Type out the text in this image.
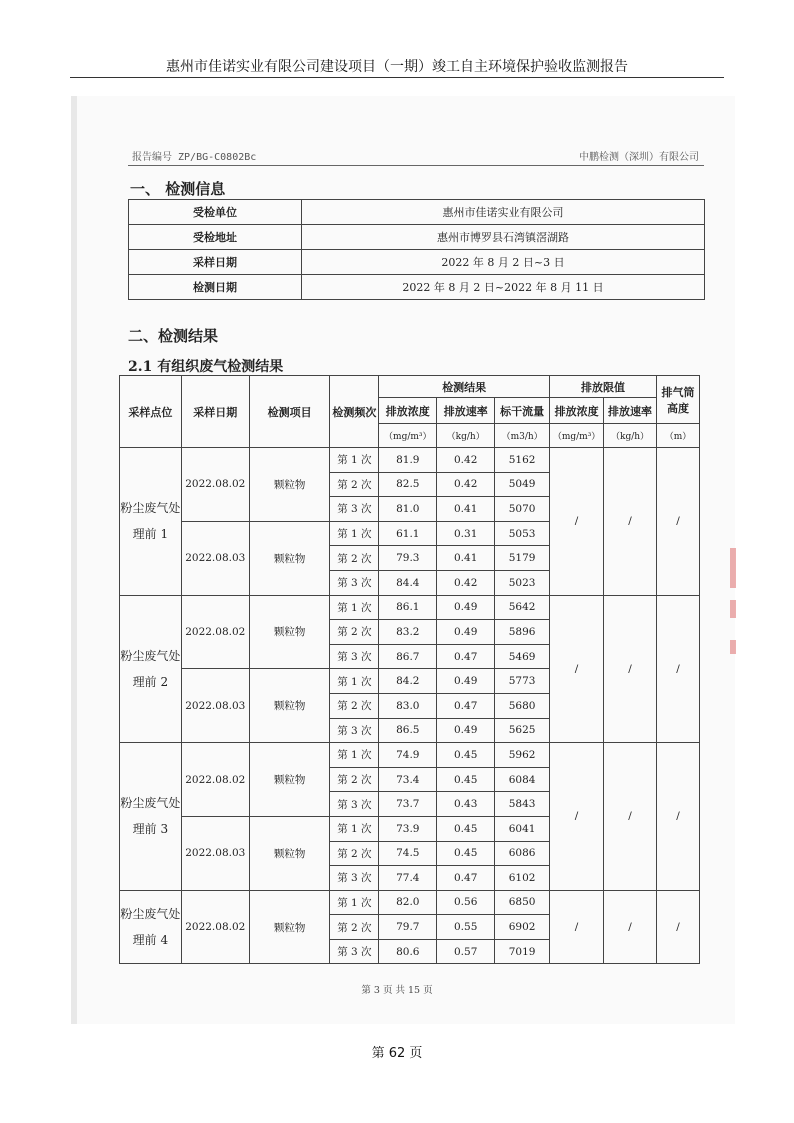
惠州市佳诺实业有限公司建设项目（一期）竣工自主环境保护验收监测报告
报告编号 ZP/BG-C0802Bc	中鹏检测（深圳）有限公司
一、 检测信息
受检单位	惠州市佳诺实业有限公司
受检地址	惠州市博罗县石湾镇滘湖路
采样日期	2022 年 8 月 2 日~3 日
检测日期	2022 年 8 月 2 日~2022 年 8 月 11 日
二、检测结果
2.1 有组织废气检测结果
采样点位	采样日期	检测项目	检测频次	检测结果			排放限值		排气筒高度
				排放浓度	排放速率	标干流量	排放浓度	排放速率	
				（mg/m³）	（kg/h）	（m3/h）	（mg/m³）	（kg/h）	（m）
粉尘废气处理前 1	2022.08.02	颗粒物	第 1 次	81.9	0.42	5162	/	/	/
			第 2 次	82.5	0.42	5049			
			第 3 次	81.0	0.41	5070			
	2022.08.03	颗粒物	第 1 次	61.1	0.31	5053			
			第 2 次	79.3	0.41	5179			
			第 3 次	84.4	0.42	5023			
粉尘废气处理前 2	2022.08.02	颗粒物	第 1 次	86.1	0.49	5642	/	/	/
			第 2 次	83.2	0.49	5896			
			第 3 次	86.7	0.47	5469			
	2022.08.03	颗粒物	第 1 次	84.2	0.49	5773			
			第 2 次	83.0	0.47	5680			
			第 3 次	86.5	0.49	5625			
粉尘废气处理前 3	2022.08.02	颗粒物	第 1 次	74.9	0.45	5962	/	/	/
			第 2 次	73.4	0.45	6084			
			第 3 次	73.7	0.43	5843			
	2022.08.03	颗粒物	第 1 次	73.9	0.45	6041			
			第 2 次	74.5	0.45	6086			
			第 3 次	77.4	0.47	6102			
粉尘废气处理前 4	2022.08.02	颗粒物	第 1 次	82.0	0.56	6850	/	/	/
			第 2 次	79.7	0.55	6902			
			第 3 次	80.6	0.57	7019			
第 3 页 共 15 页
第 62 页
